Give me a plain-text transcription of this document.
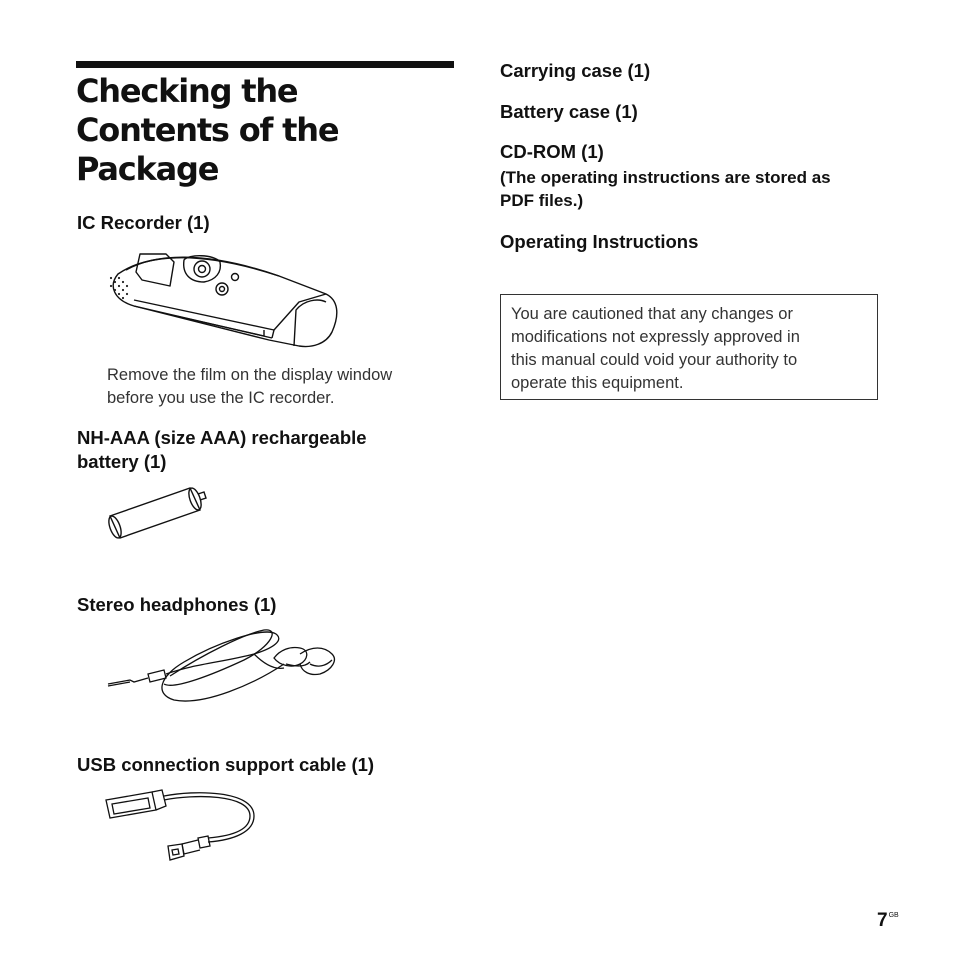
Checking the
Contents of the
Package

IC Recorder (1)

Remove the film on the display window
before you use the IC recorder.

NH-AAA (size AAA) rechargeable
battery (1)

Stereo headphones (1)

USB connection support cable (1)

Carrying case (1)

Battery case (1)

CD-ROM (1)

(The operating instructions are stored as
PDF files.)

Operating Instructions

You are cautioned that any changes or
modifications not expressly approved in
this manual could void your authority to
operate this equipment.
$7^{GB}$
